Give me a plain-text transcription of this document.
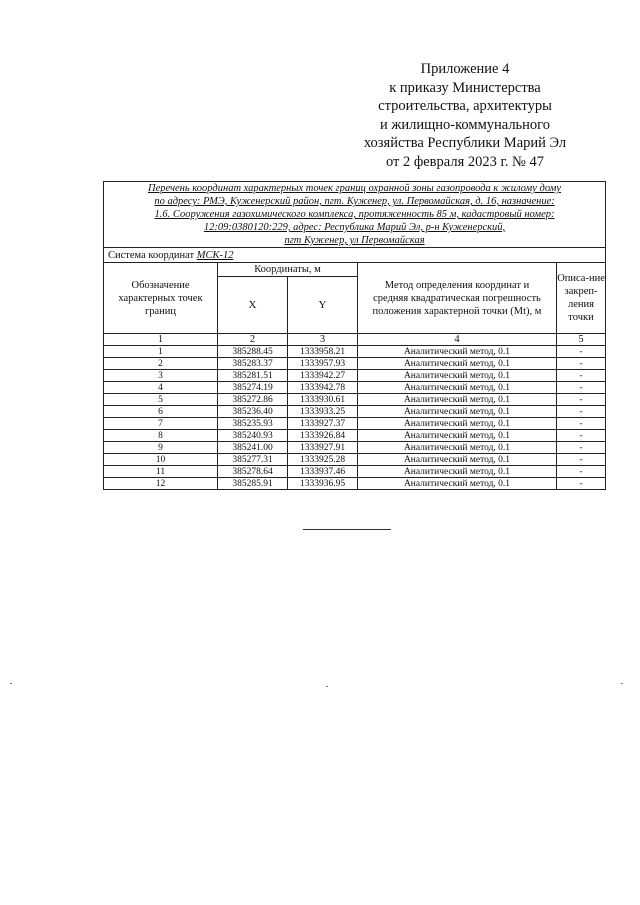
Приложение 4
к приказу Министерства
строительства, архитектуры
и жилищно-коммунального
хозяйства Республики Марий Эл
от 2 февраля 2023 г. № 47
Перечень координат характерных точек границ охранной зоны газопровода к жилому дому
по адресу: РМЭ, Куженерский район, пгт. Куженер, ул. Первомайская, д. 16, назначение:
1.6. Сооружения газохимического комплекса, протяженность 85 м, кадастровый номер:
12:09:0380120:229, адрес: Республика Марий Эл, р-н Куженерский,
пгт Куженер, ул Первомайская				

Система координат МСК-12				
Обозначение характерных точек границ	Координаты, м		Метод определения координат и средняя квадратическая погрешность положения характерной точки (Mt), м	Описа-ние закреп-ления точки
	X	Y		
1	2	3	4	5
1	385288.45	1333958.21	Аналитический метод, 0.1	-
2	385283.37	1333957.93	Аналитический метод, 0.1	-
3	385281.51	1333942.27	Аналитический метод, 0.1	-
4	385274.19	1333942.78	Аналитический метод, 0.1	-
5	385272.86	1333930.61	Аналитический метод, 0.1	-
6	385236.40	1333933.25	Аналитический метод, 0.1	-
7	385235.93	1333927.37	Аналитический метод, 0.1	-
8	385240.93	1333926.84	Аналитический метод, 0.1	-
9	385241.00	1333927.91	Аналитический метод, 0.1	-
10	385277.31	1333925.28	Аналитический метод, 0.1	-
11	385278.64	1333937.46	Аналитический метод, 0.1	-
12	385285.91	1333936.95	Аналитический метод, 0.1	-
